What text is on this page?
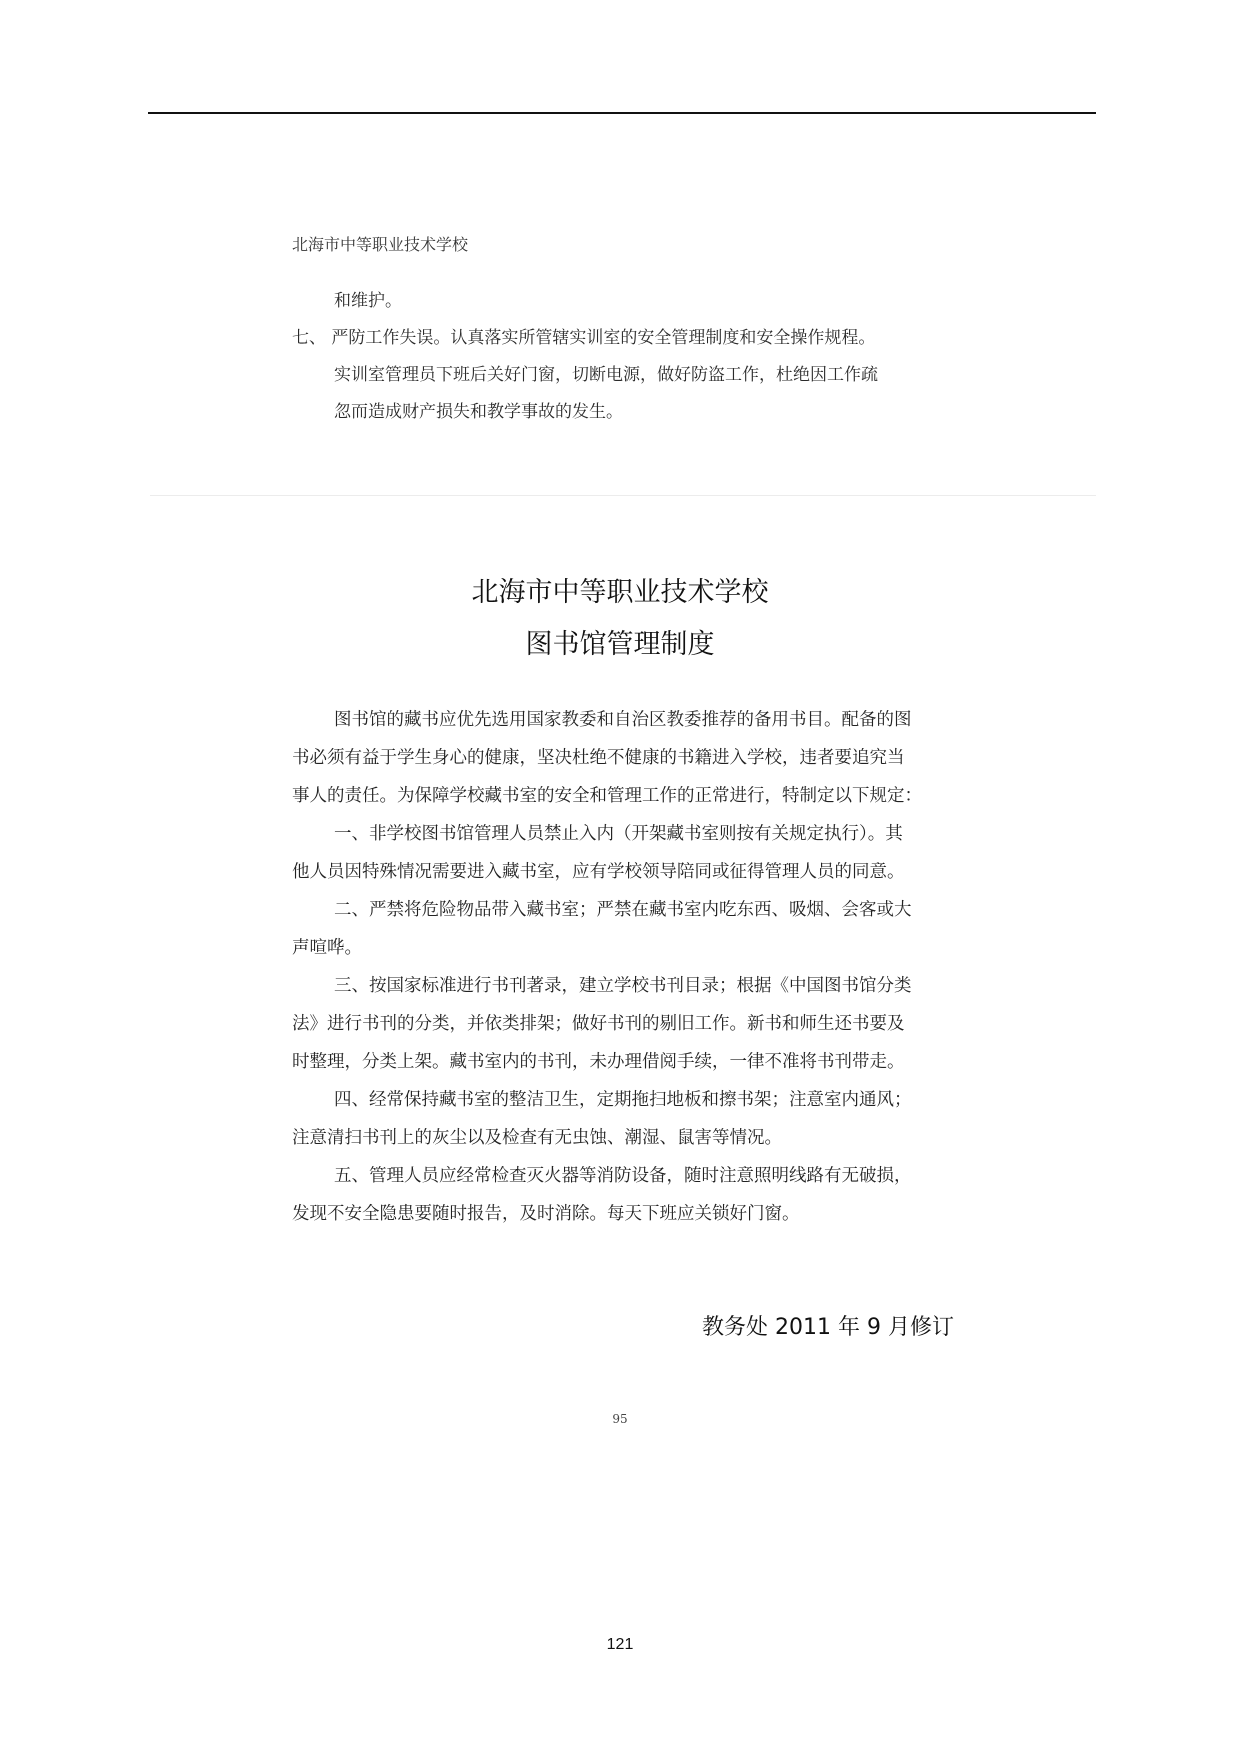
北海市中等职业技术学校
和维护。
七、 严防工作失误。认真落实所管辖实训室的安全管理制度和安全操作规程。
实训室管理员下班后关好门窗，切断电源，做好防盗工作，杜绝因工作疏
忽而造成财产损失和教学事故的发生。
北海市中等职业技术学校
图书馆管理制度
图书馆的藏书应优先选用国家教委和自治区教委推荐的备用书目。配备的图
书必须有益于学生身心的健康，坚决杜绝不健康的书籍进入学校，违者要追究当
事人的责任。为保障学校藏书室的安全和管理工作的正常进行，特制定以下规定：
一、非学校图书馆管理人员禁止入内（开架藏书室则按有关规定执行）。其
他人员因特殊情况需要进入藏书室，应有学校领导陪同或征得管理人员的同意。
二、严禁将危险物品带入藏书室；严禁在藏书室内吃东西、吸烟、会客或大
声喧哗。
三、按国家标准进行书刊著录，建立学校书刊目录；根据《中国图书馆分类
法》进行书刊的分类，并依类排架；做好书刊的剔旧工作。新书和师生还书要及
时整理，分类上架。藏书室内的书刊，未办理借阅手续，一律不准将书刊带走。
四、经常保持藏书室的整洁卫生，定期拖扫地板和擦书架；注意室内通风；
注意清扫书刊上的灰尘以及检查有无虫蚀、潮湿、鼠害等情况。
五、管理人员应经常检查灭火器等消防设备，随时注意照明线路有无破损，
发现不安全隐患要随时报告，及时消除。每天下班应关锁好门窗。
教务处 2011 年 9 月修订
95
121
